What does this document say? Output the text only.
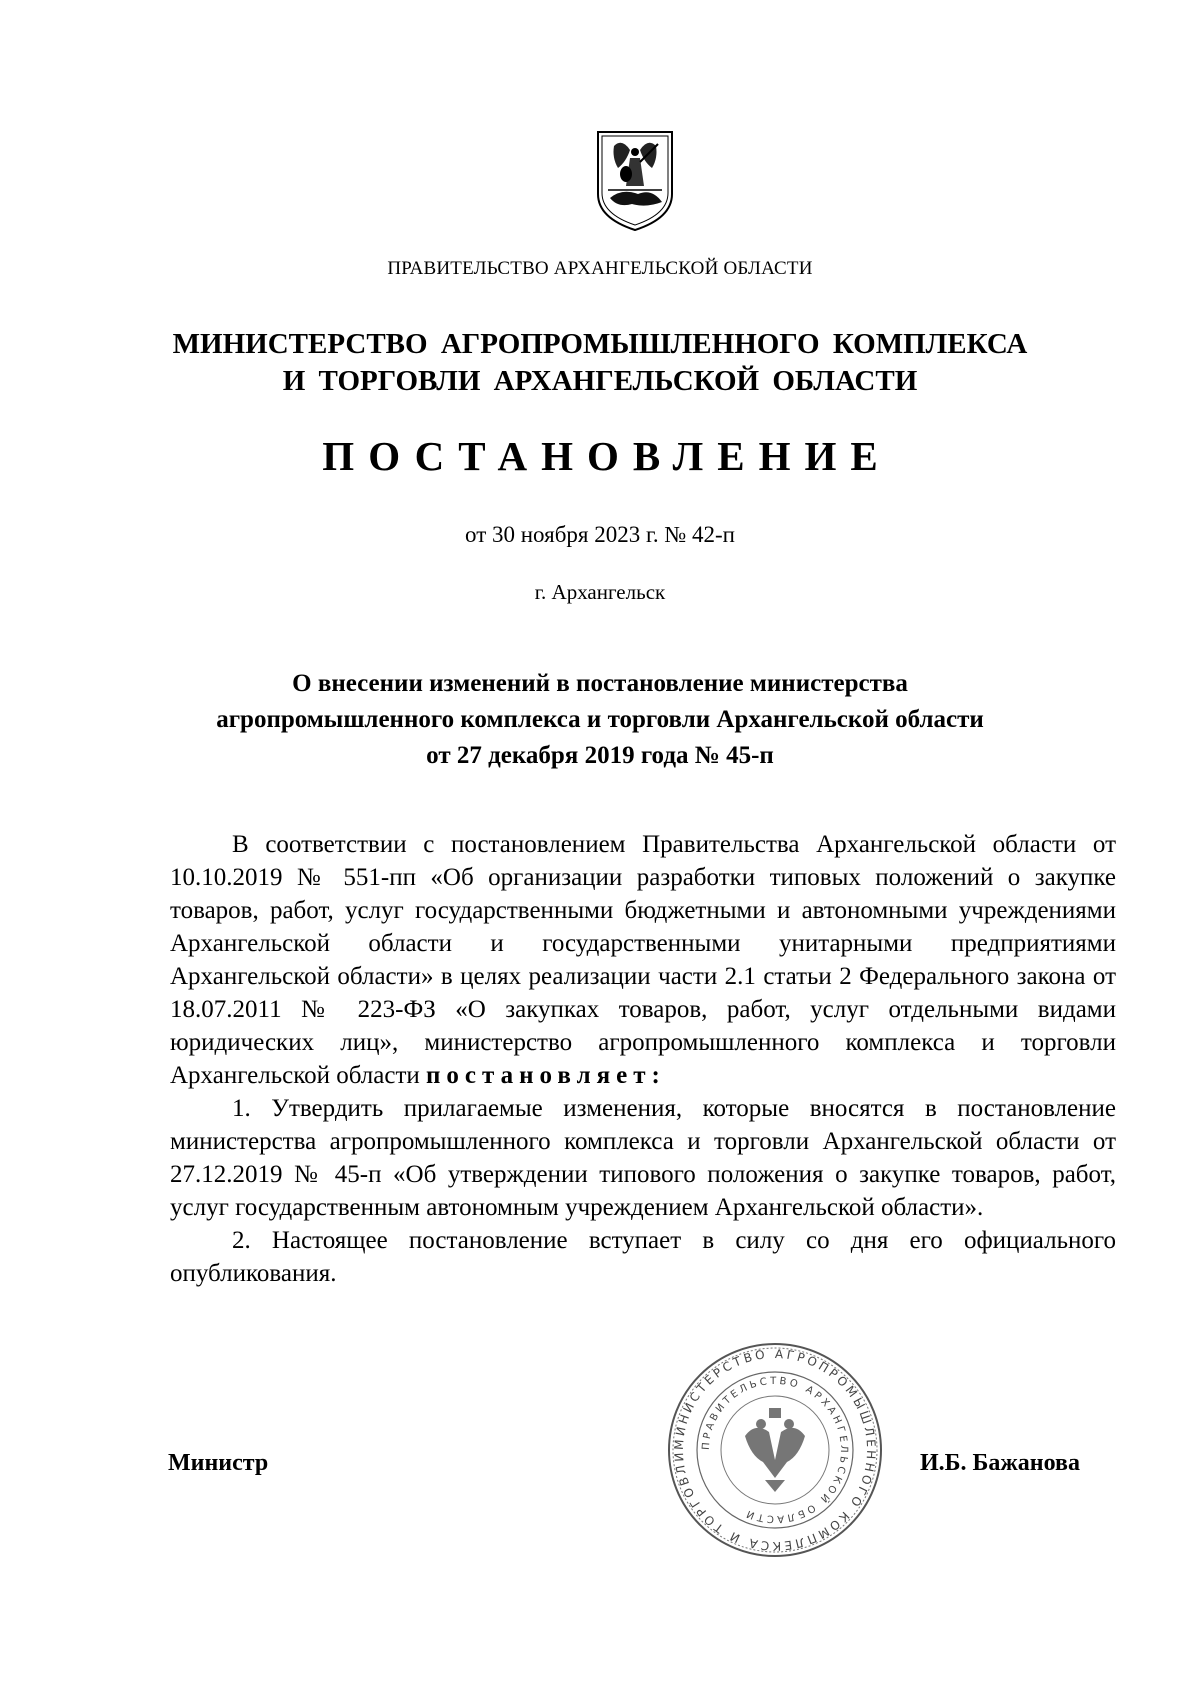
ПРАВИТЕЛЬСТВО АРХАНГЕЛЬСКОЙ ОБЛАСТИ
МИНИСТЕРСТВО АГРОПРОМЫШЛЕННОГО КОМПЛЕКСА
И ТОРГОВЛИ АРХАНГЕЛЬСКОЙ ОБЛАСТИ
ПОСТАНОВЛЕНИЕ
от 30 ноября 2023 г. № 42-п
г. Архангельск
О внесении изменений в постановление министерства
агропромышленного комплекса и торговли Архангельской области
от 27 декабря 2019 года № 45-п

В соответствии с постановлением Правительства Архангельской области от 10.10.2019 № 551-пп «Об организации разработки типовых положений о закупке товаров, работ, услуг государственными бюджетными и автономными учреждениями Архангельской области и государственными унитарными предприятиями Архангельской области» в целях реализации части 2.1 статьи 2 Федерального закона от 18.07.2011 № 223-ФЗ «О закупках товаров, работ, услуг отдельными видами юридических лиц», министерство агропромышленного комплекса и торговли Архангельской области постановляет:

1. Утвердить прилагаемые изменения, которые вносятся в постановление министерства агропромышленного комплекса и торговли Архангельской области от 27.12.2019 № 45-п «Об утверждении типового положения о закупке товаров, работ, услуг государственным автономным учреждением Архангельской области».

2. Настоящее постановление вступает в силу со дня его официального опубликования.

МИНИСТЕРСТВО АГРОПРОМЫШЛЕННОГО КОМПЛЕКСА И ТОРГОВЛИ
ПРАВИТЕЛЬСТВО АРХАНГЕЛЬСКОЙ ОБЛАСТИ
Министр	И.Б. Бажанова
